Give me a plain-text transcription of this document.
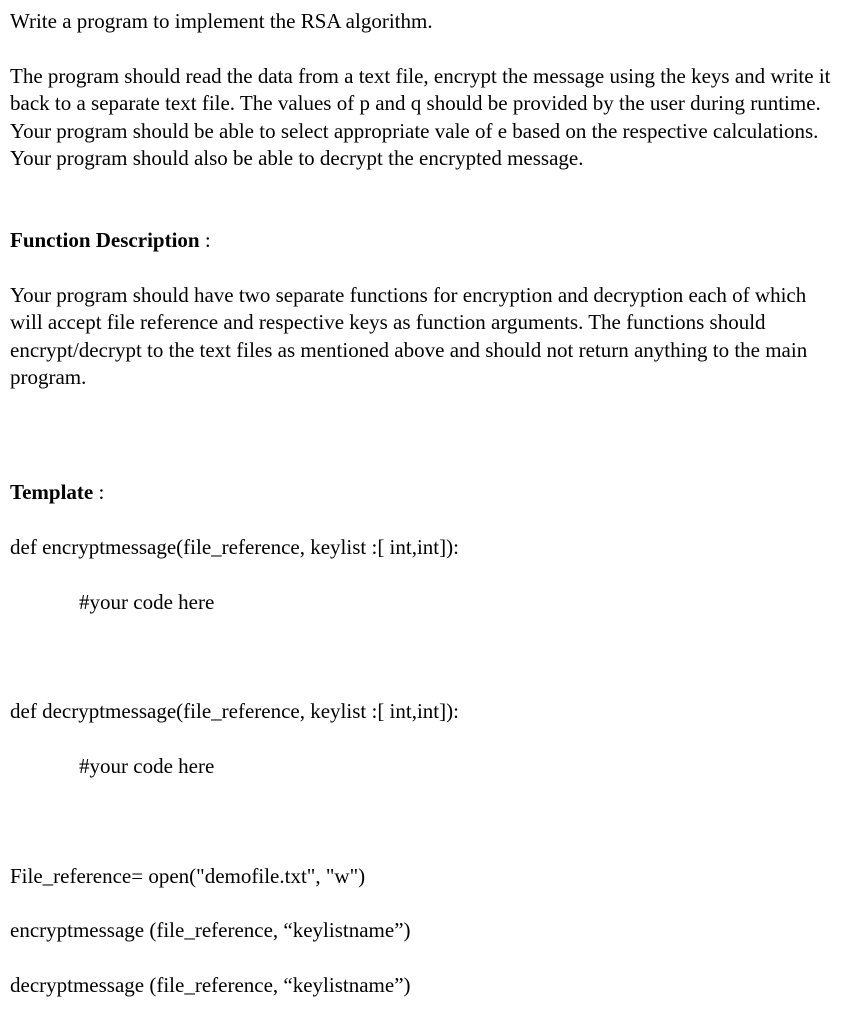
Write a program to implement the RSA algorithm.

The program should read the data from a text file, encrypt the message using the keys and write it back to a separate text file. The values of p and q should be provided by the user during runtime. Your program should be able to select appropriate vale of e based on the respective calculations. Your program should also be able to decrypt the encrypted message.

Function Description :

Your program should have two separate functions for encryption and decryption each of which will accept file reference and respective keys as function arguments. The functions should encrypt/decrypt to the text files as mentioned above and should not return anything to the main program.

Template :

def encryptmessage(file_reference, keylist :[ int,int]):

#your code here

def decryptmessage(file_reference, keylist :[ int,int]):

#your code here

File_reference= open("demofile.txt", "w")

encryptmessage (file_reference, “keylistname”)

decryptmessage (file_reference, “keylistname”)
